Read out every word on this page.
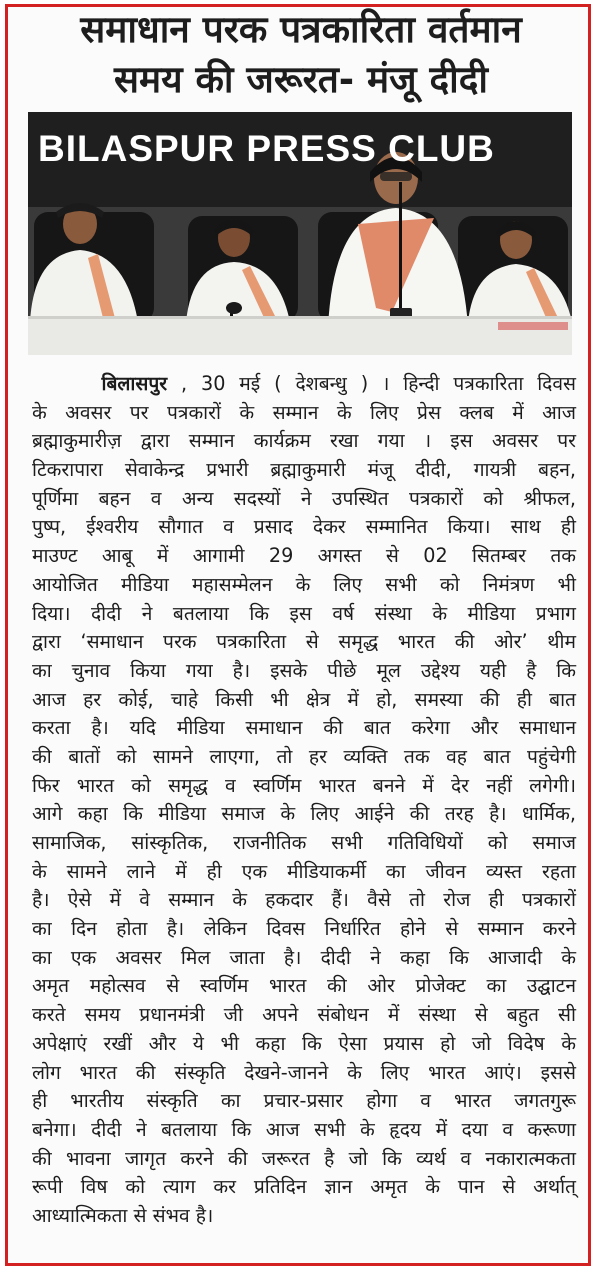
समाधान परक पत्रकारिता वर्तमान
समय की जरूरत- मंजू दीदी
BILASPUR PRESS CLUB
बिलासपुर , 30 मई ( देशबन्धु ) । हिन्दी पत्रकारिता दिवस
के अवसर पर पत्रकारों के सम्मान के लिए प्रेस क्लब में आज
ब्रह्माकुमारीज़ द्वारा सम्मान कार्यक्रम रखा गया । इस अवसर पर
टिकरापारा सेवाकेन्द्र प्रभारी ब्रह्माकुमारी मंजू दीदी, गायत्री बहन,
पूर्णिमा बहन व अन्य सदस्यों ने उपस्थित पत्रकारों को श्रीफल,
पुष्प, ईश्वरीय सौगात व प्रसाद देकर सम्मानित किया। साथ ही
माउण्ट आबू में आगामी 29 अगस्त से 02 सितम्बर तक
आयोजित मीडिया महासम्मेलन के लिए सभी को निमंत्रण भी
दिया। दीदी ने बतलाया कि इस वर्ष संस्था के मीडिया प्रभाग
द्वारा ‘समाधान परक पत्रकारिता से समृद्ध भारत की ओर’ थीम
का चुनाव किया गया है। इसके पीछे मूल उद्देश्य यही है कि
आज हर कोई, चाहे किसी भी क्षेत्र में हो, समस्या की ही बात
करता है। यदि मीडिया समाधान की बात करेगा और समाधान
की बातों को सामने लाएगा, तो हर व्यक्ति तक वह बात पहुंचेगी
फिर भारत को समृद्ध व स्वर्णिम भारत बनने में देर नहीं लगेगी।
आगे कहा कि मीडिया समाज के लिए आईने की तरह है। धार्मिक,
सामाजिक, सांस्कृतिक, राजनीतिक सभी गतिविधियों को समाज
के सामने लाने में ही एक मीडियाकर्मी का जीवन व्यस्त रहता
है। ऐसे में वे सम्मान के हकदार हैं। वैसे तो रोज ही पत्रकारों
का दिन होता है। लेकिन दिवस निर्धारित होने से सम्मान करने
का एक अवसर मिल जाता है। दीदी ने कहा कि आजादी के
अमृत महोत्सव से स्वर्णिम भारत की ओर प्रोजेक्ट का उद्घाटन
करते समय प्रधानमंत्री जी अपने संबोधन में संस्था से बहुत सी
अपेक्षाएं रखीं और ये भी कहा कि ऐसा प्रयास हो जो विदेष के
लोग भारत की संस्कृति देखने-जानने के लिए भारत आएं। इससे
ही भारतीय संस्कृति का प्रचार-प्रसार होगा व भारत जगतगुरू
बनेगा। दीदी ने बतलाया कि आज सभी के हृदय में दया व करूणा
की भावना जागृत करने की जरूरत है जो कि व्यर्थ व नकारात्मकता
रूपी विष को त्याग कर प्रतिदिन ज्ञान अमृत के पान से अर्थात्
आध्यात्मिकता से संभव है।
